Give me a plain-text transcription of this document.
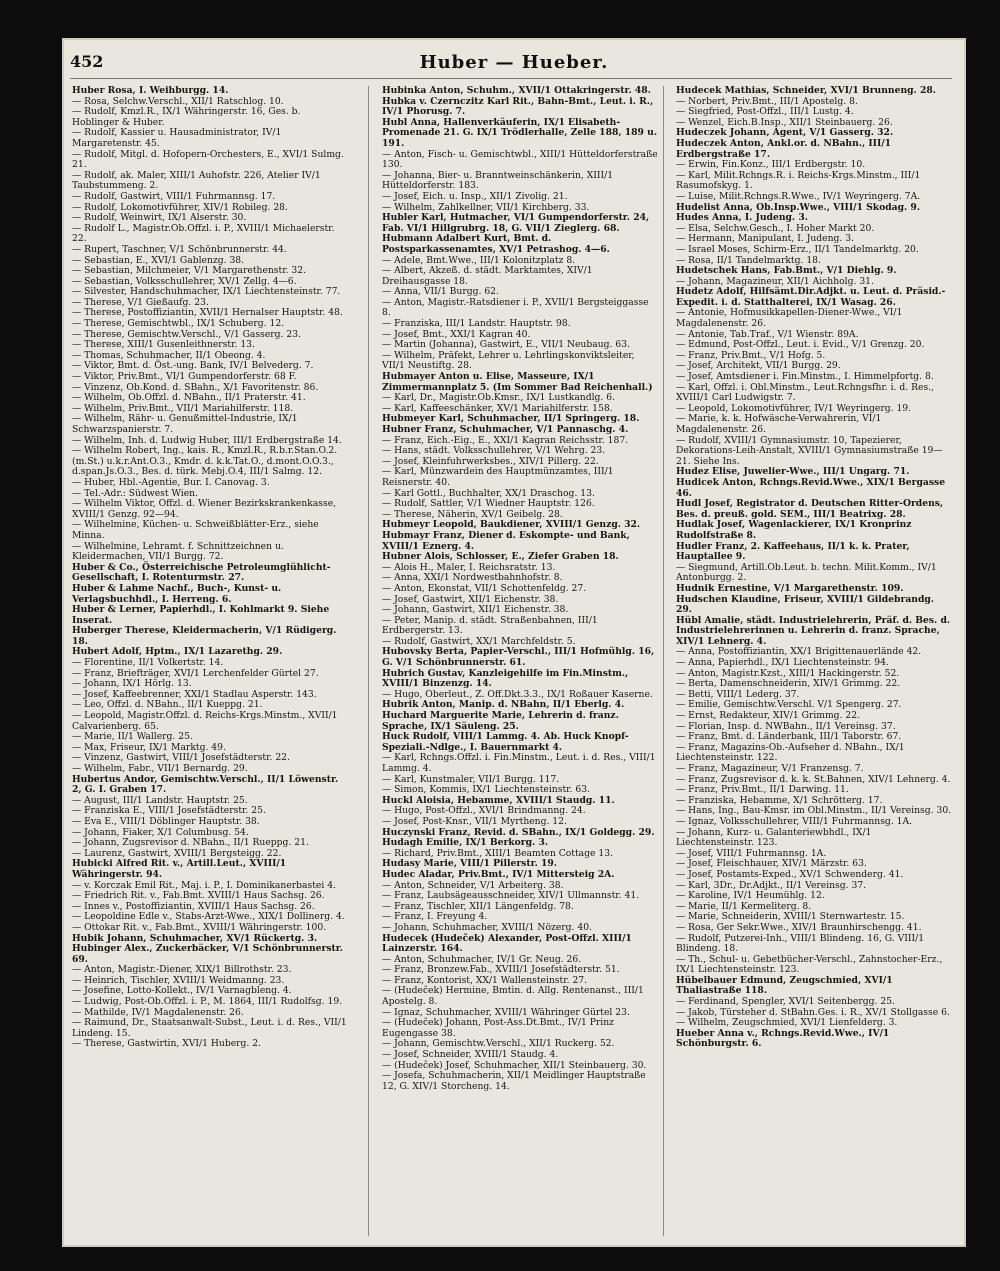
452	Huber — Hueber.

Huber Rosa, I. Weihburgg. 14.

— Rosa, Selchw.Verschl., XII/1 Ratschlog. 10.

— Rudolf, Kmzl.R., IX/1 Währingerstr. 16, Ges. b. Hoblinger & Huber.

— Rudolf, Kassier u. Hausadministrator, IV/1 Margaretenstr. 45.

— Rudolf, Mitgl. d. Hofopern-Orchesters, E., XVI/1 Sulmg. 21.

— Rudolf, ak. Maler, XIII/1 Auhofstr. 226, Atelier IV/1 Taubstummeng. 2.

— Rudolf, Gastwirt, VIII/1 Fuhrmannsg. 17.

— Rudolf, Lokomotivführer, XIV/1 Robileg. 28.

— Rudolf, Weinwirt, IX/1 Alserstr. 30.

— Rudolf L., Magistr.Ob.Offzl. i. P., XVIII/1 Michaelerstr. 22.

— Rupert, Taschner, V/1 Schönbrunnerstr. 44.

— Sebastian, E., XVI/1 Gablenzg. 38.

— Sebastian, Milchmeier, V/1 Margarethenstr. 32.

— Sebastian, Volksschullehrer, XV/1 Zellg. 4—6.

— Silvester, Handschuhmacher, IX/1 Liechtensteinstr. 77.

— Therese, V/1 Gießaufg. 23.

— Therese, Postoffiziantin, XVII/1 Hernalser Hauptstr. 48.

— Therese, Gemischtwbl., IX/1 Schuberg. 12.

— Therese, Gemischtw.Verschl., V/1 Gasserg. 23.

— Therese, XIII/1 Gusenleithnerstr. 13.

— Thomas, Schuhmacher, II/1 Obeong. 4.

— Viktor, Bmt. d. Öst.-ung. Bank, IV/1 Belvederg. 7.

— Viktor, Priv.Bmt., VI/1 Gumpendorferstr. 68 F.

— Vinzenz, Ob.Kond. d. SBahn., X/1 Favoritenstr. 86.

— Wilhelm, Ob.Offzl. d. NBahn., II/1 Praterstr. 41.

— Wilhelm, Priv.Bmt., VII/1 Mariahilferstr. 118.

— Wilhelm, Rähr- u. Genußmittel-Industrie, IX/1 Schwarzspanierstr. 7.

— Wilhelm, Inh. d. Ludwig Huber, III/1 Erdbergstraße 14.

— Wilhelm Robert, Ing., kais. R., Kmzl.R., R.b.r.Stan.O.2.(m.St.) u.k.r.Ant.O.3., Kmdr. d. k.k.Tat.O., d.mont.O.O.3., d.span.Js.O.3., Bes. d. türk. Mebj.O.4, III/1 Salmg. 12.

— Huber, Hbl.-Agentie, Bur. I. Canovag. 3.

— Tel.-Adr.: Südwest Wien.

— Wilhelm Viktor, Offzl. d. Wiener Bezirkskrankenkasse, XVIII/1 Genzg. 92—94.

— Wilhelmine, Küchen- u. Schweißblätter-Erz., siehe Minna.

— Wilhelmine, Lehramt. f. Schnittzeichnen u. Kleidermachen, VII/1 Burgg. 72.

Huber & Co., Österreichische Petroleumglühlicht-Gesellschaft, I. Rotenturmstr. 27.

Huber & Lahme Nachf., Buch-, Kunst- u. Verlagsbuchhdl., I. Herreng. 6.

Huber & Lerner, Papierhdl., I. Kohlmarkt 9. Siehe Inserat.

Huberger Therese, Kleidermacherin, V/1 Rüdigerg. 18.

Hubert Adolf, Hptm., IX/1 Lazarethg. 29.

— Florentine, II/1 Volkertstr. 14.

— Franz, Briefträger, XVI/1 Lerchenfelder Gürtel 27.

— Johann, IX/1 Hörlg. 13.

— Josef, Kaffeebrenner, XXI/1 Stadlau Asperstr. 143.

— Leo, Offzl. d. NBahn., II/1 Kueppg. 21.

— Leopold, Magistr.Offzl. d. Reichs-Krgs.Minstm., XVII/1 Calvarienberg. 65.

— Marie, II/1 Wallerg. 25.

— Max, Friseur, IX/1 Marktg. 49.

— Vinzenz, Gastwirt, VIII/1 Josefstädterstr. 22.

— Wilhelm, Fabr., VII/1 Bernardg. 29.

Hubertus Andor, Gemischtw.Verschl., II/1 Löwenstr. 2, G. I. Graben 17.

— August, III/1 Landstr. Hauptstr. 25.

— Franziska E., VIII/1 Josefstädterstr. 25.

— Eva E., VIII/1 Döblinger Hauptstr. 38.

— Johann, Fiaker, X/1 Columbusg. 54.

— Johann, Zugsrevisor d. NBahn., II/1 Rueppg. 21.

— Laurenz, Gastwirt, XVIII/1 Bergsteigg. 22.

Hubicki Alfred Rit. v., Artill.Leut., XVIII/1 Währingerstr. 94.

— v. Korczak Emil Rit., Maj. i. P., I. Dominikanerbastei 4.

— Friedrich Rit. v., Fab.Bmt. XVIII/1 Haus Sachsg. 26.

— Innes v., Postoffiziantin, XVIII/1 Haus Sachsg. 26.

— Leopoldine Edle v., Stabs-Arzt-Wwe., XIX/1 Dollinerg. 4.

— Ottokar Rit. v., Fab.Bmt., XVIII/1 Währingerstr. 100.

Hubik Johann, Schuhmacher, XV/1 Rückertg. 3.

Hubinger Alex., Zuckerbäcker, V/1 Schönbrunnerstr. 69.

— Anton, Magistr.-Diener, XIX/1 Billrothstr. 23.

— Heinrich, Tischler, XVIII/1 Weidmanng. 23.

— Josefine, Lotto-Kollekt., IV/1 Varnagbleng. 4.

— Ludwig, Post-Ob.Offzl. i. P., M. 1864, III/1 Rudolfsg. 19.

— Mathilde, IV/1 Magdalenenstr. 26.

— Raimund, Dr., Staatsanwalt-Subst., Leut. i. d. Res., VII/1 Lindeng. 15.

— Therese, Gastwirtin, XVI/1 Huberg. 2.

Hubinka Anton, Schuhm., XVII/1 Ottakringerstr. 48.

Hubka v. Czernczitz Karl Rit., Bahn-Bmt., Leut. i. R., IV/1 Phorusg. 7.

Hubl Anna, Hallenverkäuferin, IX/1 Elisabeth-Promenade 21. G. IX/1 Trödlerhalle, Zelle 188, 189 u. 191.

— Anton, Fisch- u. Gemischtwbl., XIII/1 Hütteldorferstraße 130.

— Johanna, Bier- u. Branntweinschänkerin, XIII/1 Hütteldorferstr. 183.

— Josef, Eich. u. Insp., XII/1 Zivolig. 21.

— Wilhelm, Zahlkellner, VII/1 Kirchberg. 33.

Hubler Karl, Hutmacher, VI/1 Gumpendorferstr. 24, Fab. VI/1 Hillgrubrg. 18, G. VII/1 Zieglerg. 68.

Hubmann Adalbert Kurt, Bmt. d. Postsparkassenamtes, XV/1 Petrashog. 4—6.

— Adele, Bmt.Wwe., III/1 Kolonitzplatz 8.

— Albert, Akzeß. d. städt. Marktamtes, XIV/1 Dreihausgasse 18.

— Anna, VII/1 Burgg. 62.

— Anton, Magistr.-Ratsdiener i. P., XVII/1 Bergsteiggasse 8.

— Franziska, III/1 Landstr. Hauptstr. 98.

— Josef, Bmt., XXI/1 Kagran 40.

— Martin (Johanna), Gastwirt, E., VII/1 Neubaug. 63.

— Wilhelm, Präfekt, Lehrer u. Lehrlingskonviktsleiter, VII/1 Neustiftg. 28.

Hubmayer Anton u. Elise, Masseure, IX/1 Zimmermannplatz 5. (Im Sommer Bad Reichenhall.)

— Karl, Dr., Magistr.Ob.Kmsr., IX/1 Lustkandlg. 6.

— Karl, Kaffeeschänker, XV/1 Mariahilferstr. 158.

Hubmeyer Karl, Schuhmacher, II/1 Springerg. 18.

Hubner Franz, Schuhmacher, V/1 Pannaschg. 4.

— Franz, Eich.-Eig., E., XXI/1 Kagran Reichsstr. 187.

— Hans, städt. Volksschullehrer, V/1 Wehrg. 23.

— Josef, Kleinfuhrwerksbes., XIV/1 Pillerg. 22.

— Karl, Münzwardein des Hauptmünzamtes, III/1 Reisnerstr. 40.

— Karl Gottl., Buchhalter, XX/1 Draschog. 13.

— Rudolf, Sattler, V/1 Wiedner Hauptstr. 126.

— Therese, Näherin, XV/1 Geibelg. 28.

Hubmeyr Leopold, Baukdiener, XVIII/1 Genzg. 32.

Hubmayr Franz, Diener d. Eskompte- und Bank, XVIII/1 Eznerg. 4.

Hubner Alois, Schlosser, E., Ziefer Graben 18.

— Alois H., Maler, I. Reichsratstr. 13.

— Anna, XXI/1 Nordwestbahnhofstr. 8.

— Anton, Ekonstat, VII/1 Schottenfeldg. 27.

— Josef, Gastwirt, XII/1 Eichenstr. 38.

— Johann, Gastwirt, XII/1 Eichenstr. 38.

— Peter, Manip. d. städt. Straßenbahnen, III/1 Erdbergerstr. 13.

— Rudolf, Gastwirt, XX/1 Marchfeldstr. 5.

Hubovsky Berta, Papier-Verschl., III/1 Hofmühlg. 16, G. V/1 Schönbrunnerstr. 61.

Hubrich Gustav, Kanzleigehilfe im Fin.Minstm., XVIII/1 Binzenzg. 14.

— Hugo, Oberleut., Z. Off.Dkt.3.3., IX/1 Roßauer Kaserne.

Hubrik Anton, Manip. d. NBahn, II/1 Eberlg. 4.

Huchard Marguerite Marie, Lehrerin d. franz. Sprache, IX/1 Säuleng. 25.

Huck Rudolf, VIII/1 Lammg. 4. Ab. Huck Knopf-Speziali.-Ndlge., I. Bauernmarkt 4.

— Karl, Rchngs.Offzl. i. Fin.Minstm., Leut. i. d. Res., VIII/1 Lammg. 4.

— Karl, Kunstmaler, VII/1 Burgg. 117.

— Simon, Kommis, IX/1 Liechtensteinstr. 63.

Huckl Aloisia, Hebamme, XVIII/1 Staudg. 11.

— Hugo, Post-Offzl., XVI/1 Brindmanng. 24.

— Josef, Post-Knsr., VII/1 Myrtheng. 12.

Huczynski Franz, Revid. d. SBahn., IX/1 Goldegg. 29.

Hudagh Emilie, IX/1 Berkorg. 3.

— Richard, Priv.Bmt., XIII/1 Beamten Cottage 13.

Hudasy Marie, VIII/1 Pillerstr. 19.

Hudec Aladar, Priv.Bmt., IV/1 Mittersteig 2A.

— Anton, Schneider, V/1 Arbeiterg. 38.

— Franz, Laubsägeausschneider, XIV/1 Ullmannstr. 41.

— Franz, Tischler, XII/1 Längenfeldg. 78.

— Franz, I. Freyung 4.

— Johann, Schuhmacher, XVIII/1 Nözerg. 40.

Hudecek (Hudeček) Alexander, Post-Offzl. XIII/1 Lainzerstr. 164.

— Anton, Schuhmacher, IV/1 Gr. Neug. 26.

— Franz, Bronzew.Fab., XVIII/1 Josefstädterstr. 51.

— Franz, Kontorist, XX/1 Wallensteinstr. 27.

— (Hudeček) Hermine, Bmtin. d. Allg. Rentenanst., III/1 Apostelg. 8.

— Ignaz, Schuhmacher, XVIII/1 Währinger Gürtel 23.

— (Hudeček) Johann, Post-Ass.Dt.Bmt., IV/1 Prinz Eugengasse 38.

— Johann, Gemischtw.Verschl., XII/1 Ruckerg. 52.

— Josef, Schneider, XVIII/1 Staudg. 4.

— (Hudeček) Josef, Schuhmacher, XII/1 Steinbauerg. 30.

— Josefa, Schuhmacherin, XII/1 Meidlinger Hauptstraße 12, G. XIV/1 Storcheng. 14.

Hudecek Mathias, Schneider, XVI/1 Brunneng. 28.

— Norbert, Priv.Bmt., III/1 Apostelg. 8.

— Siegfried, Post-Offzl., III/1 Lustg. 4.

— Wenzel, Eich.B.Insp., XII/1 Steinbauerg. 26.

Hudeczek Johann, Agent, V/1 Gasserg. 32.

Hudeczek Anton, Ankl.or. d. NBahn., III/1 Erdbergstraße 17.

— Erwin, Fin.Konz., III/1 Erdbergstr. 10.

— Karl, Milit.Rchngs.R. i. Reichs-Krgs.Minstm., III/1 Rasumofskyg. 1.

— Luise, Milit.Rchngs.R.Wwe., IV/1 Weyringerg. 7A.

Hudelist Anna, Ob.Insp.Wwe., VIII/1 Skodag. 9.

Hudes Anna, I. Judeng. 3.

— Elsa, Selchw.Gesch., I. Hoher Markt 20.

— Hermann, Manipulant, I. Judeng. 3.

— Israel Moses, Schirm-Erz., II/1 Tandelmarktg. 20.

— Rosa, II/1 Tandelmarktg. 18.

Hudetschek Hans, Fab.Bmt., V/1 Diehlg. 9.

— Johann, Magazineur, XII/1 Aichholg. 31.

Hudetz Adolf, Hilfsämt.Dir.Adjkt. u. Leut. d. Präsid.-Expedit. i. d. Statthalterei, IX/1 Wasag. 26.

— Antonie, Hofmusikkapellen-Diener-Wwe., VI/1 Magdalenenstr. 26.

— Antonie, Tab.Traf., V/1 Wienstr. 89A.

— Edmund, Post-Offzl., Leut. i. Evid., V/1 Grenzg. 20.

— Franz, Priv.Bmt., V/1 Hofg. 5.

— Josef, Architekt, VII/1 Burgg. 29.

— Josef, Amtsdiener i. Fin.Minstm., I. Himmelpfortg. 8.

— Karl, Offzl. i. Obl.Minstm., Leut.Rchngsfhr. i. d. Res., XVIII/1 Carl Ludwigstr. 7.

— Leopold, Lokomotivführer, IV/1 Weyringerg. 19.

— Marie, k. k. Hofwäsche-Verwahrerin, VI/1 Magdalenenstr. 26.

— Rudolf, XVIII/1 Gymnasiumstr. 10, Tapezierer, Dekorations-Leih-Anstalt, XVIII/1 Gymnasiumstraße 19—21. Siehe Ins.

Hudez Elise, Juwelier-Wwe., III/1 Ungarg. 71.

Hudicek Anton, Rchngs.Revid.Wwe., XIX/1 Bergasse 46.

Hudl Josef, Registrator d. Deutschen Ritter-Ordens, Bes. d. preuß. gold. SEM., III/1 Beatrixg. 28.

Hudlak Josef, Wagenlackierer, IX/1 Kronprinz Rudolfstraße 8.

Hudler Franz, 2. Kaffeehaus, II/1 k. k. Prater, Hauptallee 9.

— Siegmund, Artill.Ob.Leut. b. techn. Milit.Komm., IV/1 Antonburgg. 2.

Hudnik Ernestine, V/1 Margarethenstr. 109.

Hudschen Klaudine, Friseur, XVIII/1 Gildebrandg. 29.

Hübl Amalie, städt. Industrielehrerin, Präf. d. Bes. d. Industrielehrerinnen u. Lehrerin d. franz. Sprache, XIV/1 Lehnerg. 4.

— Anna, Postoffiziantin, XX/1 Brigittenauerlände 42.

— Anna, Papierhdl., IX/1 Liechtensteinstr. 94.

— Anton, Magistr.Kzst., XIII/1 Hackingerstr. 52.

— Berta, Damenschneiderin, XIV/1 Grimmg. 22.

— Betti, VIII/1 Lederg. 37.

— Emilie, Gemischtw.Verschl. V/1 Spengerg. 27.

— Ernst, Redakteur, XIV/1 Grimmg. 22.

— Florian, Insp. d. NWBahn., II/1 Vereinsg. 37.

— Franz, Bmt. d. Länderbank, III/1 Taborstr. 67.

— Franz, Magazins-Ob.-Aufseher d. NBahn., IX/1 Liechtensteinstr. 122.

— Franz, Magazineur, V/1 Franzensg. 7.

— Franz, Zugsrevisor d. k. k. St.Bahnen, XIV/1 Lehnerg. 4.

— Franz, Priv.Bmt., II/1 Darwing. 11.

— Franziska, Hebamme, X/1 Schrötterg. 17.

— Hans, Ing., Bau-Kmsr. im Obl.Minstm., II/1 Vereinsg. 30.

— Ignaz, Volksschullehrer, VIII/1 Fuhrmannsg. 1A.

— Johann, Kurz- u. Galanteriewbhdl., IX/1 Liechtensteinstr. 123.

— Josef, VIII/1 Fuhrmannsg. 1A.

— Josef, Fleischhauer, XIV/1 Märzstr. 63.

— Josef, Postamts-Exped., XV/1 Schwenderg. 41.

— Karl, 3Dr., Dr.Adjkt., II/1 Vereinsg. 37.

— Karoline, IV/1 Heumühlg. 12.

— Marie, II/1 Kermeliterg. 8.

— Marie, Schneiderin, XVIII/1 Sternwartestr. 15.

— Rosa, Ger Sekr.Wwe., XIV/1 Braunhirschengg. 41.

— Rudolf, Putzerei-Inh., VIII/1 Blindeng. 16, G. VIII/1 Blindeng. 18.

— Th., Schul- u. Gebetbücher-Verschl., Zahnstocher-Erz., IX/1 Liechtensteinstr. 123.

Hübelbauer Edmund, Zeugschmied, XVI/1 Thaliastraße 118.

— Ferdinand, Spengler, XVI/1 Seitenbergg. 25.

— Jakob, Türsteher d. StBahn.Ges. i. R., XV/1 Stollgasse 6.

— Wilhelm, Zeugschmied, XVI/1 Lienfelderg. 3.

Hueber Anna v., Rchngs.Revid.Wwe., IV/1 Schönburgstr. 6.
